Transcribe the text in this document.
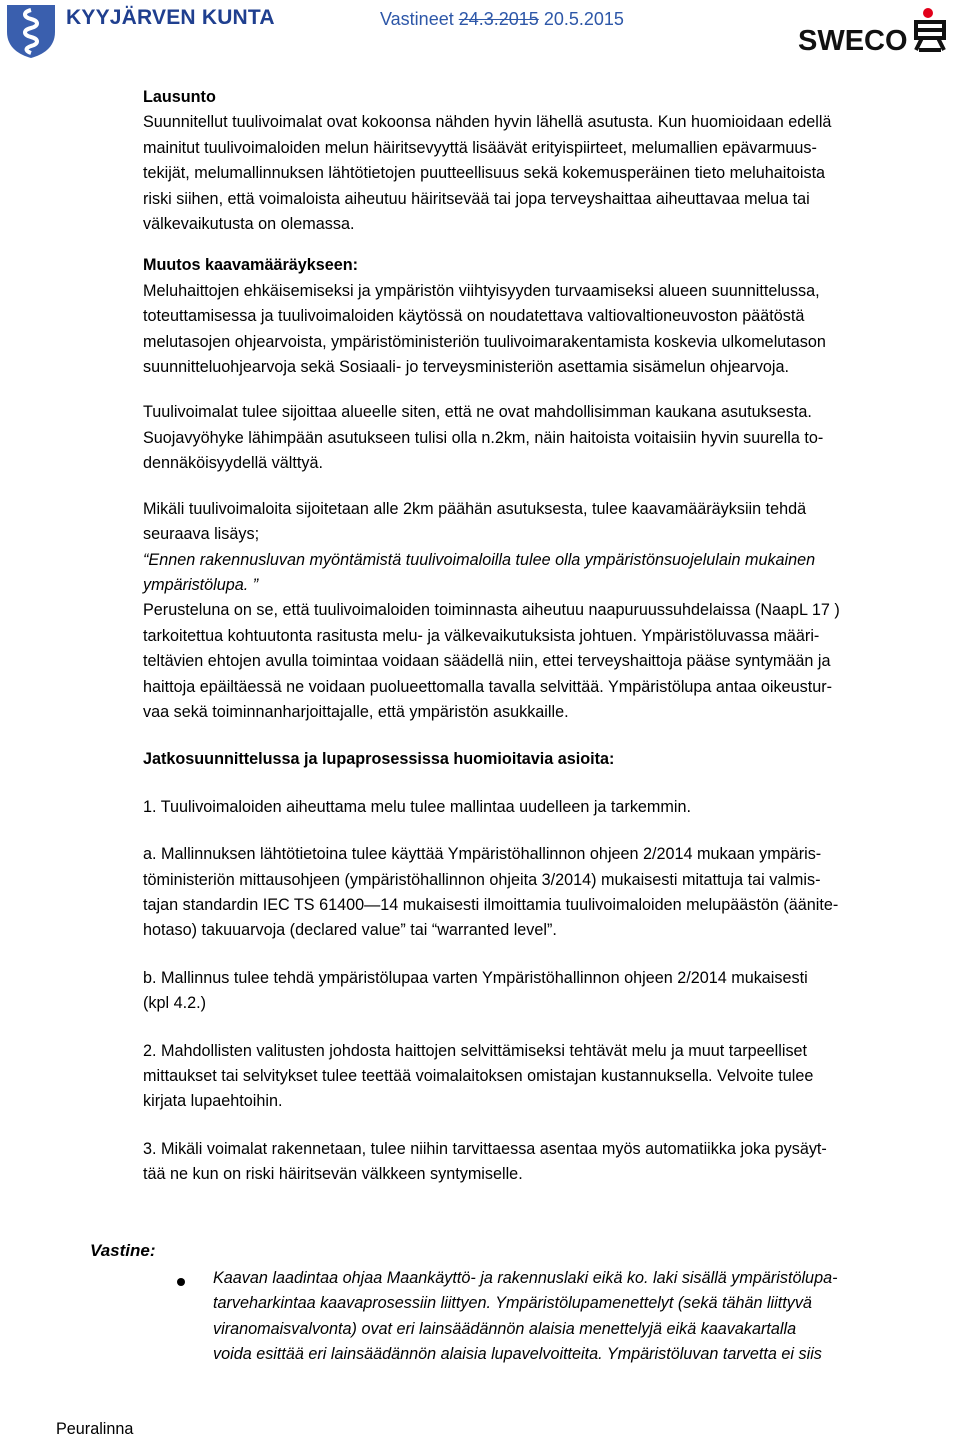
KYYJÄRVEN KUNTA	Vastineet 24.3.2015 20.5.2015
SWECO

Lausunto

Suunnitellut tuulivoimalat ovat kokoonsa nähden hyvin lähellä asutusta. Kun huomioidaan edellä

mainitut tuulivoimaloiden melun häiritsevyyttä lisäävät erityispiirteet, melumallien epävarmuus-

tekijät, melumallinnuksen lähtötietojen puutteellisuus sekä kokemusperäinen tieto meluhaitoista

riski siihen, että voimaloista aiheutuu häiritsevää tai jopa terveyshaittaa aiheuttavaa melua tai

välkevaikutusta on olemassa.

Muutos kaavamääräykseen:

Meluhaittojen ehkäisemiseksi ja ympäristön viihtyisyyden turvaamiseksi alueen suunnittelussa,

toteuttamisessa ja tuulivoimaloiden käytössä on noudatettava valtiovaltioneuvoston päätöstä

melutasojen ohjearvoista, ympäristöministeriön tuulivoimarakentamista koskevia ulkomelutason

suunnitteluohjearvoja sekä Sosiaali- jo terveysministeriön asettamia sisämelun ohjearvoja.

Tuulivoimalat tulee sijoittaa alueelle siten, että ne ovat mahdollisimman kaukana asutuksesta.

Suojavyöhyke lähimpään asutukseen tulisi olla n.2km, näin haitoista voitaisiin hyvin suurella to-

dennäköisyydellä välttyä.

Mikäli tuulivoimaloita sijoitetaan alle 2km päähän asutuksesta, tulee kaavamääräyksiin tehdä

seuraava lisäys;

“Ennen rakennusluvan myöntämistä tuulivoimaloilla tulee olla ympäristönsuojelulain mukainen

ympäristölupa. ”

Perusteluna on se, että tuulivoimaloiden toiminnasta aiheutuu naapuruussuhdelaissa (NaapL 17 )

tarkoitettua kohtuutonta rasitusta melu- ja välkevaikutuksista johtuen. Ympäristöluvassa määri-

teltävien ehtojen avulla toimintaa voidaan säädellä niin, ettei terveyshaittoja pääse syntymään ja

haittoja epäiltäessä ne voidaan puolueettomalla tavalla selvittää. Ympäristölupa antaa oikeustur-

vaa sekä toiminnanharjoittajalle, että ympäristön asukkaille.

Jatkosuunnittelussa ja lupaprosessissa huomioitavia asioita:

1. Tuulivoimaloiden aiheuttama melu tulee mallintaa uudelleen ja tarkemmin.

a. Mallinnuksen lähtötietoina tulee käyttää Ympäristöhallinnon ohjeen 2/2014 mukaan ympäris-

töministeriön mittausohjeen (ympäristöhallinnon ohjeita 3/2014) mukaisesti mitattuja tai valmis-

tajan standardin IEC TS 61400—14 mukaisesti ilmoittamia tuulivoimaloiden melupäästön (äänite-

hotaso) takuuarvoja (declared value” tai “warranted level”.

b. Mallinnus tulee tehdä ympäristölupaa varten Ympäristöhallinnon ohjeen 2/2014 mukaisesti

(kpl 4.2.)

2. Mahdollisten valitusten johdosta haittojen selvittämiseksi tehtävät melu ja muut tarpeelliset

mittaukset tai selvitykset tulee teettää voimalaitoksen omistajan kustannuksella. Velvoite tulee

kirjata lupaehtoihin.

3. Mikäli voimalat rakennetaan, tulee niihin tarvittaessa asentaa myös automatiikka joka pysäyt-

tää ne kun on riski häiritsevän välkkeen syntymiselle.

Vastine:

Kaavan laadintaa ohjaa Maankäyttö- ja rakennuslaki eikä ko. laki sisällä ympäristölupa-

tarveharkintaa kaavaprosessiin liittyen. Ympäristölupamenettelyt (sekä tähän liittyvä

viranomaisvalvonta) ovat eri lainsäädännön alaisia menettelyjä eikä kaavakartalla

voida esittää eri lainsäädännön alaisia lupavelvoitteita. Ympäristöluvan tarvetta ei siis

Peuralinna
